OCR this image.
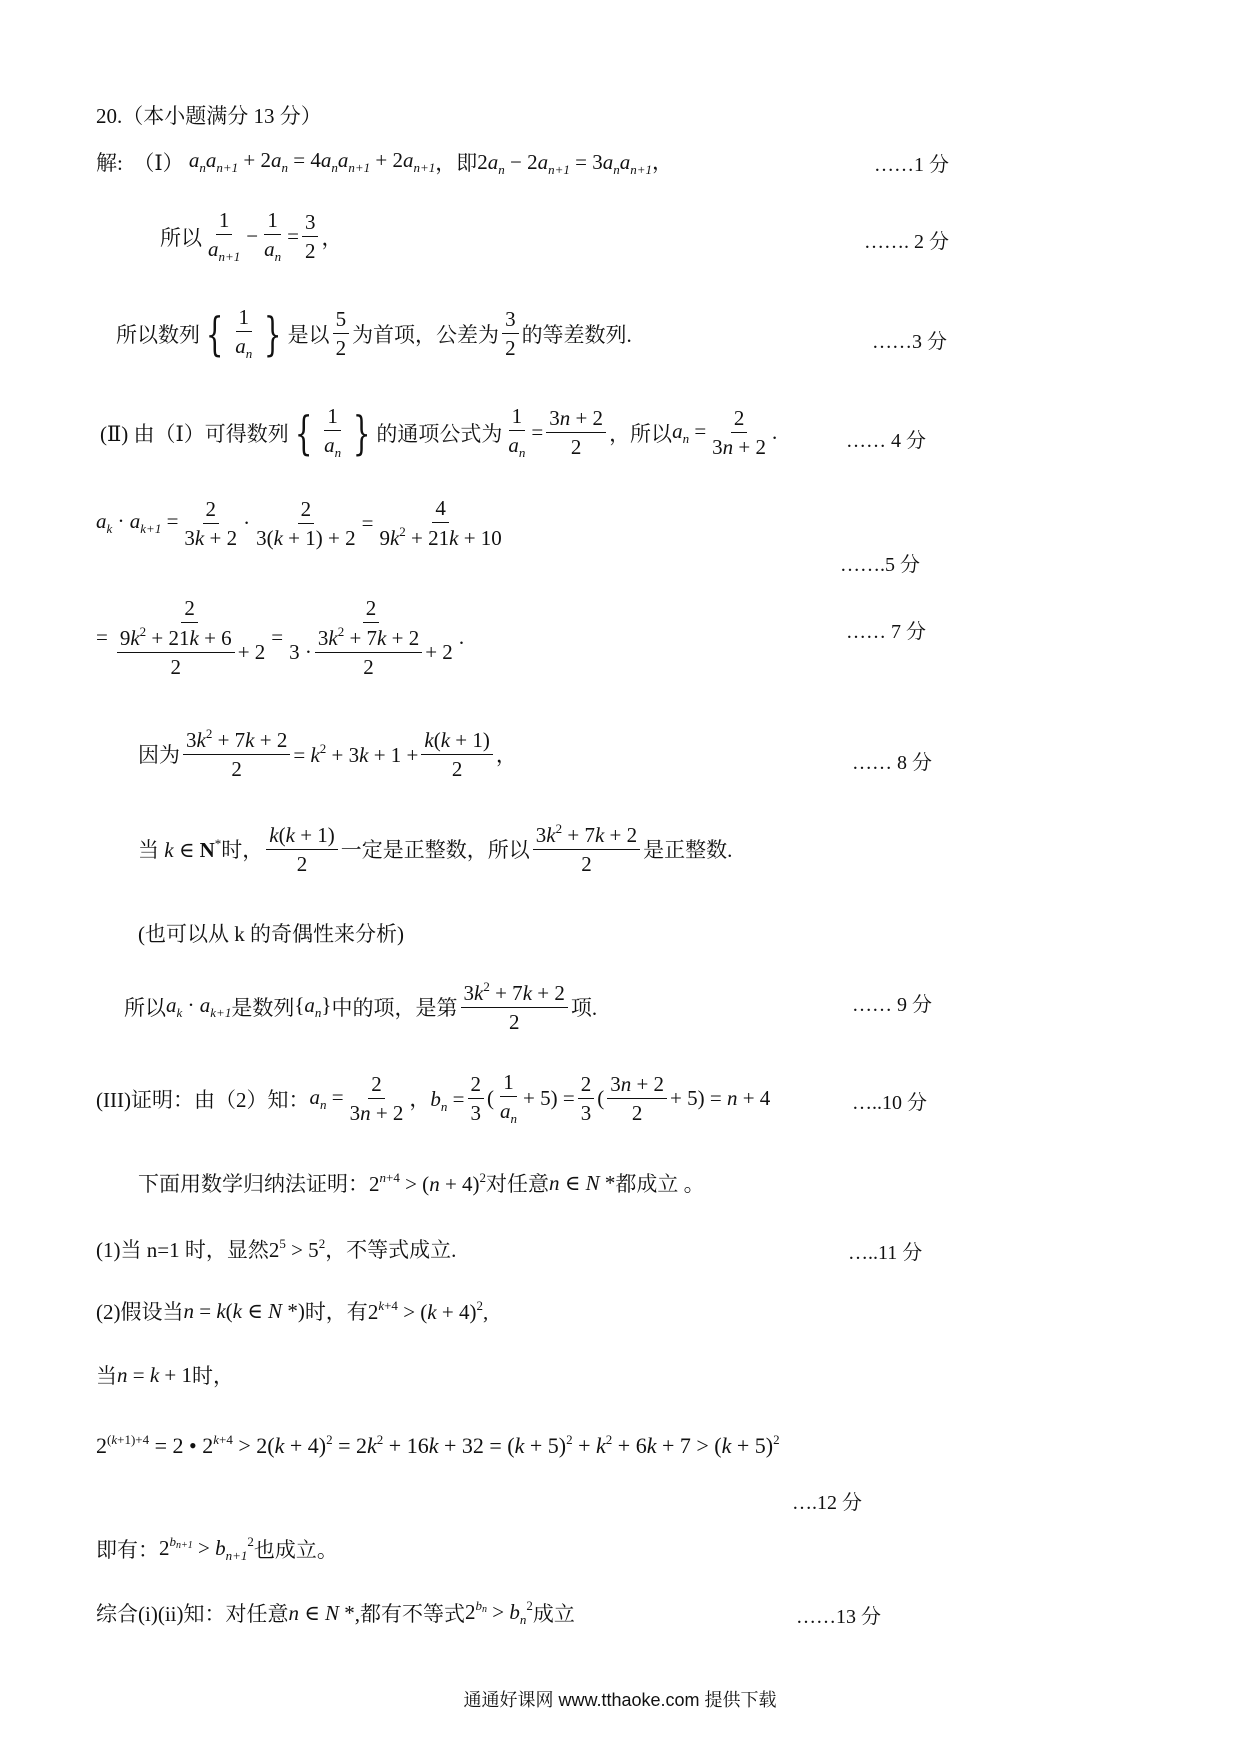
20.（本小题满分 13 分）
解:
（Ⅰ）
$a_na_{n+1} + 2a_n = 4a_na_{n+1} + 2a_{n+1}$ ，即 $2a_n - 2a_{n+1} = 3a_na_{n+1}$，	……1 分
所以 $\frac{1}{a_{n+1}} - \frac{1}{a_n} = \frac{3}{2}$ ，	……. 2 分
所以数列 { $\frac{1}{a_n}$ } 是以 $\frac{5}{2}$ 为首项，公差为 $\frac{3}{2}$ 的等差数列.	……3 分
(Ⅱ) 由（Ⅰ）可得数列 { $\frac{1}{a_n}$ } 的通项公式为 $\frac{1}{a_n} = \frac{3n + 2}{2}$ ，所以 $a_n = \frac{2}{3n + 2}$ .	…… 4 分
$a_k \cdot a_{k+1} = \frac{2}{3k + 2} \cdot \frac{2}{3(k + 1) + 2} = \frac{4}{9k^2 + 21k + 10}$
…….5 分
= $\frac{2}{\frac{9k^2 + 21k + 6}{2} + 2} = \frac{2}{3 \cdot \frac{3k^2 + 7k + 2}{2} + 2}$ .	…… 7 分
因为 $\frac{3k^2 + 7k + 2}{2} = k^2 + 3k + 1 + \frac{k(k + 1)}{2}$ ，	…… 8 分
当 k ∈ N* 时， $\frac{k(k + 1)}{2}$ 一定是正整数，所以 $\frac{3k^2 + 7k + 2}{2}$ 是正整数.
(也可以从 k 的奇偶性来分析)
所以 $a_k \cdot a_{k+1}$ 是数列 $\{a_n\}$ 中的项，是第 $\frac{3k^2 + 7k + 2}{2}$ 项.	…… 9 分
(III)证明：由（2）知： $a_n = \frac{2}{3n + 2}$ ，$b_n = \frac{2}{3}$ ( $\frac{1}{a_n} + 5) = \frac{2}{3}$ ( $\frac{3n + 2}{2} + 5) = n + 4$	…..10 分
下面用数学归纳法证明： $2^{n+4} > (n + 4)^2$ 对任意 n ∈ N * 都成立 。
(1)当 n=1 时，显然 $2^5 > 5^2$ ，不等式成立.	…..11 分
(2)假设当 n = k(k ∈ N *) 时，有 $2^{k+4} > (k + 4)^2$,
当 n = k + 1 时，
$2^{(k+1)+4} = 2$ • $2^{k+4} > 2(k + 4)^2 = 2k^2 + 16k + 32 = (k + 5)^2 + k^2 + 6k + 7 > (k + 5)^2$
….12 分
即有： $2^{b_{n+1}} > b_{n+1}^2$ 也成立。
综合(i)(ii)知：对任意 n ∈ N * ,都有不等式 $2^{b_n} > b_n^2$ 成立	……13 分
通通好课网 www.tthaoke.com 提供下载
